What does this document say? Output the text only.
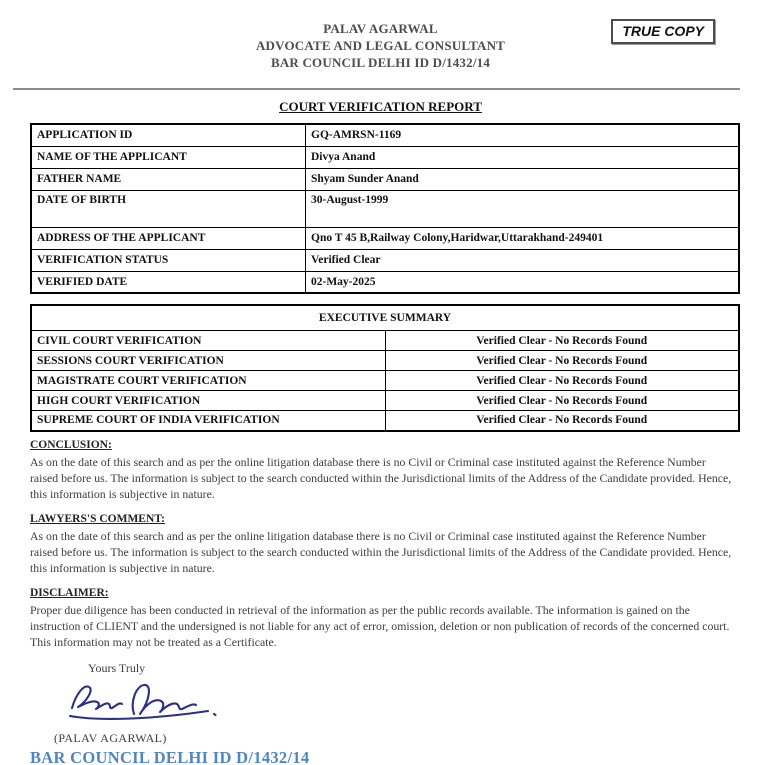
PALAV AGARWAL
ADVOCATE AND LEGAL CONSULTANT
BAR COUNCIL DELHI ID D/1432/14
TRUE COPY
COURT VERIFICATION REPORT
APPLICATION ID	GQ-AMRSN-1169
NAME OF THE APPLICANT	Divya Anand
FATHER NAME	Shyam Sunder Anand
DATE OF BIRTH	30-August-1999
ADDRESS OF THE APPLICANT	Qno T 45 B,Railway Colony,Haridwar,Uttarakhand-249401
VERIFICATION STATUS	Verified Clear
VERIFIED DATE	02-May-2025
EXECUTIVE SUMMARY	
CIVIL COURT VERIFICATION	Verified Clear - No Records Found
SESSIONS COURT VERIFICATION	Verified Clear - No Records Found
MAGISTRATE COURT VERIFICATION	Verified Clear - No Records Found
HIGH COURT VERIFICATION	Verified Clear - No Records Found
SUPREME COURT OF INDIA VERIFICATION	Verified Clear - No Records Found
CONCLUSION:

As on the date of this search and as per the online litigation database there is no Civil or Criminal case instituted against the Reference Number raised before us. The information is subject to the search conducted within the Jurisdictional limits of the Address of the Candidate provided. Hence, this information is subjective in nature.

LAWYERS'S COMMENT:

As on the date of this search and as per the online litigation database there is no Civil or Criminal case instituted against the Reference Number raised before us. The information is subject to the search conducted within the Jurisdictional limits of the Address of the Candidate provided. Hence, this information is subjective in nature.

DISCLAIMER:

Proper due diligence has been conducted in retrieval of the information as per the public records available. The information is gained on the instruction of CLIENT and the undersigned is not liable for any act of error, omission, deletion or non publication of records of the concerned court. This information may not be treated as a Certificate.

Yours Truly
(PALAV AGARWAL)
BAR COUNCIL DELHI ID D/1432/14
